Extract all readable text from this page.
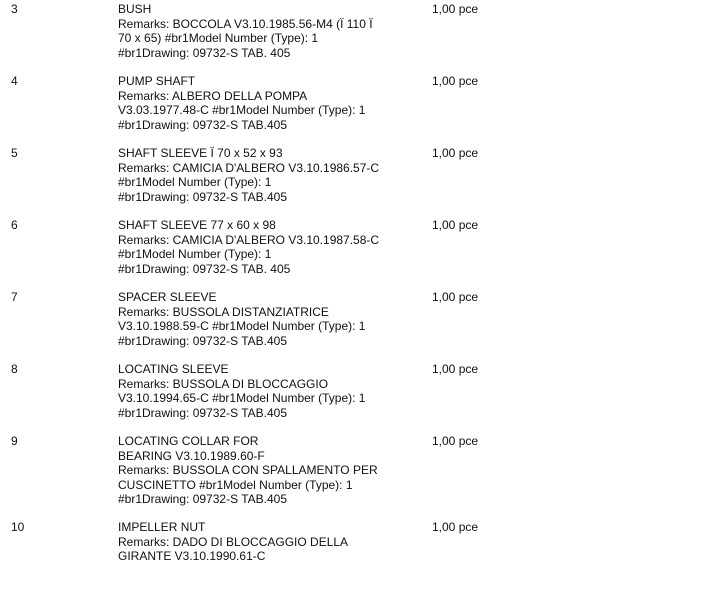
3	BUSH
Remarks: BOCCOLA V3.10.1985.56-M4 (Ï 110 Ï
70 x 65) #br1Model Number (Type): 1
#br1Drawing: 09732-S TAB. 405
1,00 pce
4	PUMP SHAFT
Remarks: ALBERO DELLA POMPA
V3.03.1977.48-C #br1Model Number (Type): 1
#br1Drawing: 09732-S TAB.405
1,00 pce
5	SHAFT SLEEVE Ï 70 x 52 x 93
Remarks: CAMICIA D'ALBERO V3.10.1986.57-C
#br1Model Number (Type): 1
#br1Drawing: 09732-S TAB.405
1,00 pce
6	SHAFT SLEEVE 77 x 60 x 98
Remarks: CAMICIA D'ALBERO V3.10.1987.58-C
#br1Model Number (Type): 1
#br1Drawing: 09732-S TAB. 405
1,00 pce
7	SPACER SLEEVE
Remarks: BUSSOLA DISTANZIATRICE
V3.10.1988.59-C #br1Model Number (Type): 1
#br1Drawing: 09732-S TAB.405
1,00 pce
8	LOCATING SLEEVE
Remarks: BUSSOLA DI BLOCCAGGIO
V3.10.1994.65-C #br1Model Number (Type): 1
#br1Drawing: 09732-S TAB.405
1,00 pce
9	LOCATING COLLAR FOR
BEARING V3.10.1989.60-F
Remarks: BUSSOLA CON SPALLAMENTO PER
CUSCINETTO #br1Model Number (Type): 1
#br1Drawing: 09732-S TAB.405
1,00 pce
10	IMPELLER NUT
Remarks: DADO DI BLOCCAGGIO DELLA
GIRANTE V3.10.1990.61-C
1,00 pce
